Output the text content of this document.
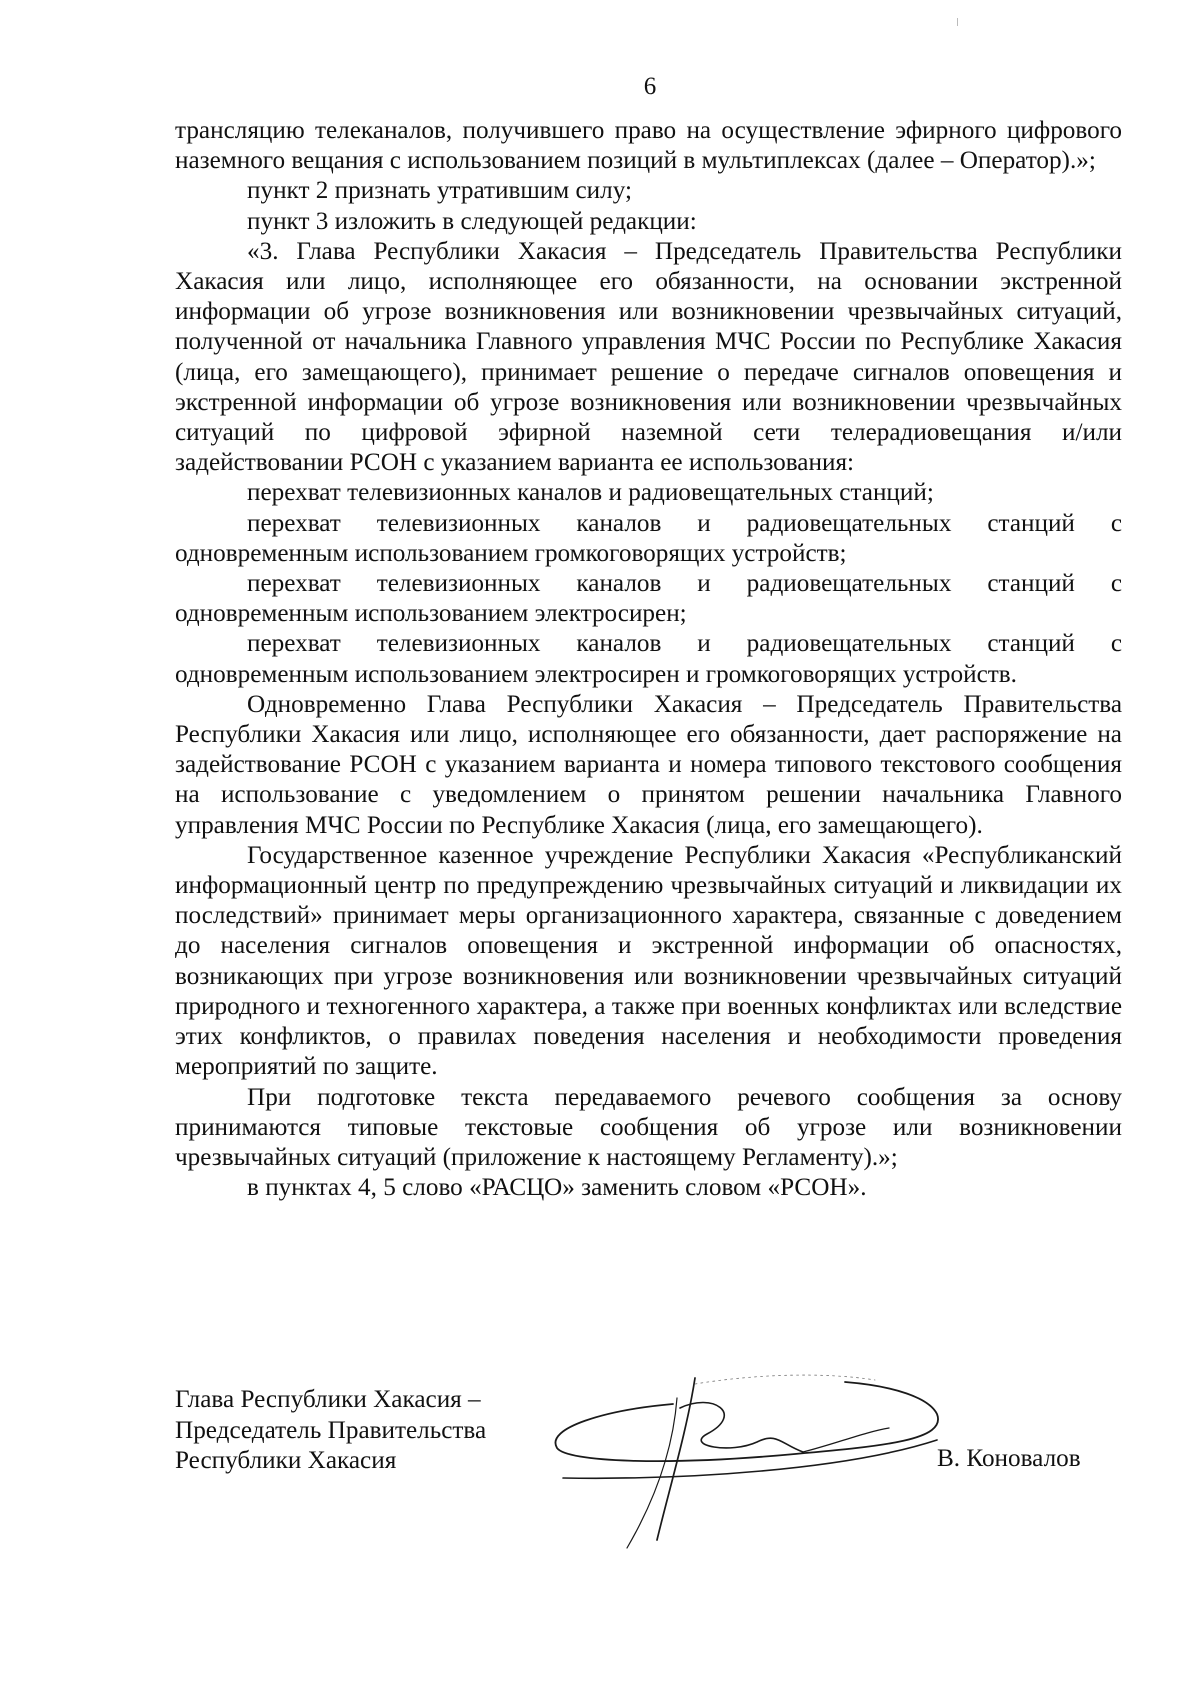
6

трансляцию телеканалов, получившего право на осуществление эфирного цифрового наземного вещания с использованием позиций в мультиплексах (далее – Оператор).»;

пункт 2 признать утратившим силу;

пункт 3 изложить в следующей редакции:

«3. Глава Республики Хакасия – Председатель Правительства Республики Хакасия или лицо, исполняющее его обязанности, на основании экстренной информации об угрозе возникновения или возникновении чрезвычайных ситуаций, полученной от начальника Главного управления МЧС России по Республике Хакасия (лица, его замещающего), принимает решение о передаче сигналов оповещения и экстренной информации об угрозе возникновения или возникновении чрезвычайных ситуаций по цифровой эфирной наземной сети телерадиовещания и/или задействовании РСОН с указанием варианта ее использования:

перехват телевизионных каналов и радиовещательных станций;

перехват телевизионных каналов и радиовещательных станций с одновременным использованием громкоговорящих устройств;

перехват телевизионных каналов и радиовещательных станций с одновременным использованием электросирен;

перехват телевизионных каналов и радиовещательных станций с одновременным использованием электросирен и громкоговорящих устройств.

Одновременно Глава Республики Хакасия – Председатель Правительства Республики Хакасия или лицо, исполняющее его обязанности, дает распоряжение на задействование РСОН с указанием варианта и номера типового текстового сообщения на использование с уведомлением о принятом решении начальника Главного управления МЧС России по Республике Хакасия (лица, его замещающего).

Государственное казенное учреждение Республики Хакасия «Республиканский информационный центр по предупреждению чрезвычайных ситуаций и ликвидации их последствий» принимает меры организационного характера, связанные с доведением до населения сигналов оповещения и экстренной информации об опасностях, возникающих при угрозе возникновения или возникновении чрезвычайных ситуаций природного и техногенного характера, а также при военных конфликтах или вследствие этих конфликтов, о правилах поведения населения и необходимости проведения мероприятий по защите.

При подготовке текста передаваемого речевого сообщения за основу принимаются типовые текстовые сообщения об угрозе или возникновении чрезвычайных ситуаций (приложение к настоящему Регламенту).»;

в пунктах 4, 5 слово «РАСЦО» заменить словом «РСОН».

Глава Республики Хакасия –
Председатель Правительства
Республики Хакасия	В. Коновалов
